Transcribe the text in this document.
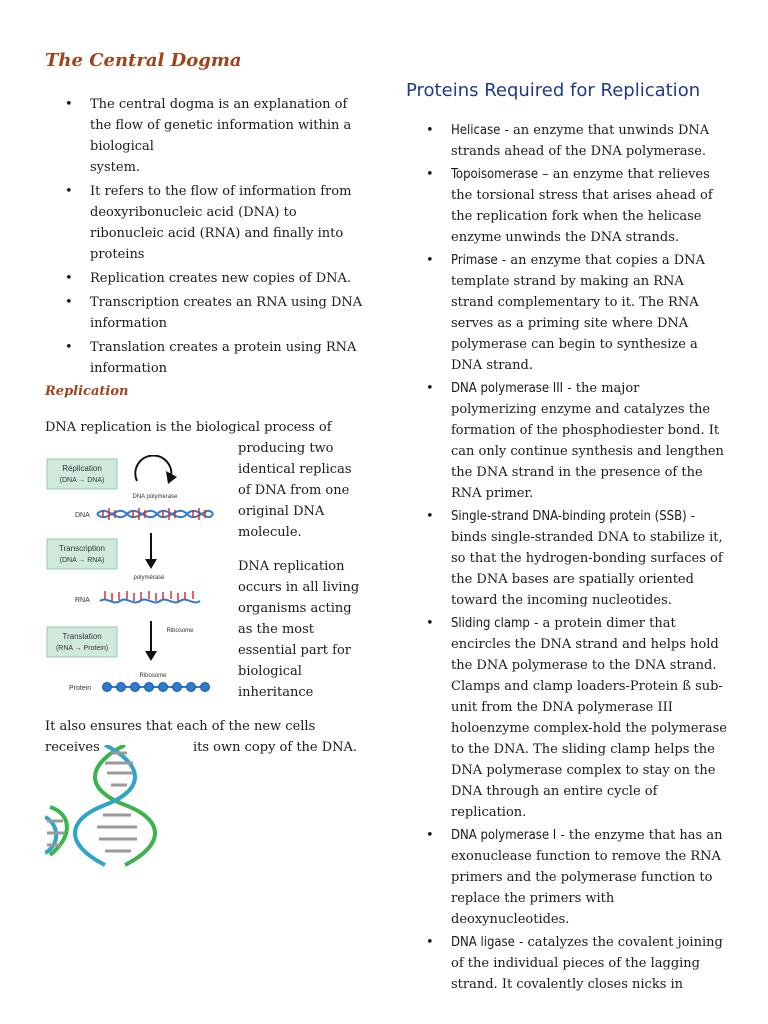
The Central Dogma
• The central dogma is an explanation of the flow of genetic information within a biological
system.
• It refers to the flow of information from deoxyribonucleic acid (DNA) to ribonucleic acid (RNA) and finally into proteins
• Replication creates new copies of DNA.
• Transcription creates an RNA using DNA information
• Translation creates a protein using RNA information
Replication

DNA replication is the biological process of

producing two identical replicas of DNA from one original DNA molecule.
DNA replication occurs in all living organisms acting as the most essential part for biological inheritance
Réplication
(DNA → DNA)
DNA polymerase
DNA
Transcription
(DNA → RNA)
polymérase
RNA
Translation
(RNA → Protein)
Ribosome
Ribosome
Protein

It also ensures that each of the new cells receives	its own copy of the DNA.

Proteins Required for Replication
• Helicase - an enzyme that unwinds DNA strands ahead of the DNA polymerase.
• Topoisomerase – an enzyme that relieves the torsional stress that arises ahead of the replication fork when the helicase enzyme unwinds the DNA strands.
• Primase - an enzyme that copies a DNA template strand by making an RNA strand complementary to it. The RNA serves as a priming site where DNA polymerase can begin to synthesize a DNA strand.
• DNA polymerase III - the major polymerizing enzyme and catalyzes the formation of the phosphodiester bond. It can only continue synthesis and lengthen the DNA strand in the presence of the RNA primer.
• Single-strand DNA-binding protein (SSB) - binds single-stranded DNA to stabilize it, so that the hydrogen-bonding surfaces of the DNA bases are spatially oriented toward the incoming nucleotides.
• Sliding clamp - a protein dimer that encircles the DNA strand and helps hold the DNA polymerase to the DNA strand. Clamps and clamp loaders-Protein ß sub-unit from the DNA polymerase III holoenzyme complex-hold the polymerase to the DNA. The sliding clamp helps the DNA polymerase complex to stay on the DNA through an entire cycle of replication.
• DNA polymerase I - the enzyme that has an exonuclease function to remove the RNA primers and the polymerase function to replace the primers with deoxynucleotides.
• DNA ligase - catalyzes the covalent joining of the individual pieces of the lagging strand. It covalently closes nicks in
